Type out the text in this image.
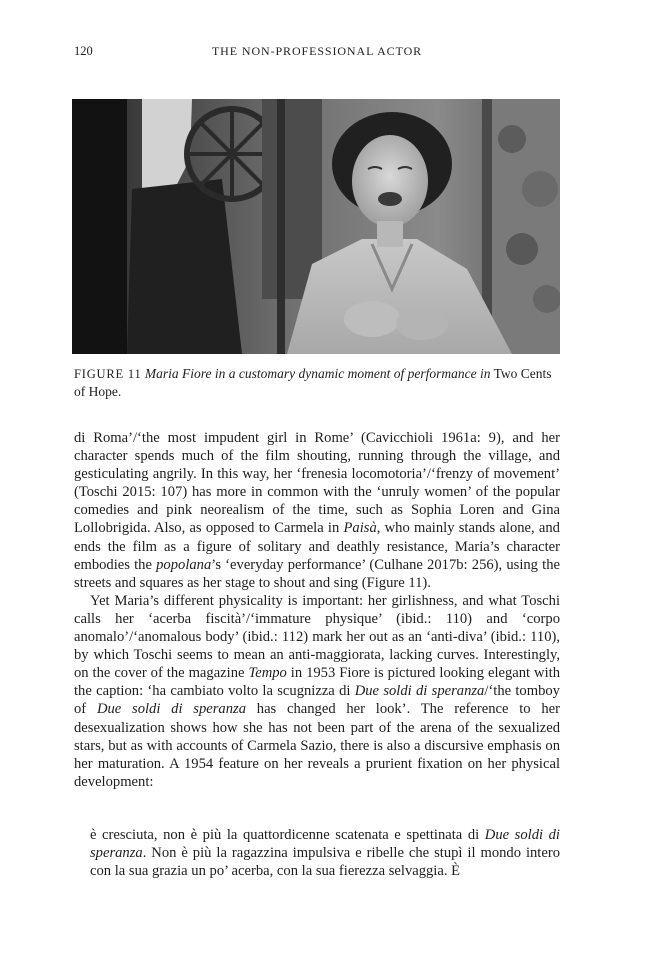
120	THE NON-PROFESSIONAL ACTOR
FIGURE 11 Maria Fiore in a customary dynamic moment of performance in Two Cents of Hope.

di Roma’/‘the most impudent girl in Rome’ (Cavicchioli 1961a: 9), and her character spends much of the film shouting, running through the village, and gesticulating angrily. In this way, her ‘frenesia locomotoria’/‘frenzy of movement’ (Toschi 2015: 107) has more in common with the ‘unruly women’ of the popular comedies and pink neorealism of the time, such as Sophia Loren and Gina Lollobrigida. Also, as opposed to Carmela in Paisà, who mainly stands alone, and ends the film as a figure of solitary and deathly resistance, Maria’s character embodies the popolana’s ‘everyday performance’ (Culhane 2017b: 256), using the streets and squares as her stage to shout and sing (Figure 11).

Yet Maria’s different physicality is important: her girlishness, and what Toschi calls her ‘acerba fiscità’/‘immature physique’ (ibid.: 110) and ‘corpo anomalo’/‘anomalous body’ (ibid.: 112) mark her out as an ‘anti-diva’ (ibid.: 110), by which Toschi seems to mean an anti-maggiorata, lacking curves. Interestingly, on the cover of the magazine Tempo in 1953 Fiore is pictured looking elegant with the caption: ‘ha cambiato volto la scugnizza di Due soldi di speranza/‘the tomboy of Due soldi di speranza has changed her look’. The reference to her desexualization shows how she has not been part of the arena of the sexualized stars, but as with accounts of Carmela Sazio, there is also a discursive emphasis on her maturation. A 1954 feature on her reveals a prurient fixation on her physical development:

è cresciuta, non è più la quattordicenne scatenata e spettinata di Due soldi di speranza. Non è più la ragazzina impulsiva e ribelle che stupì il mondo intero con la sua grazia un po’ acerba, con la sua fierezza selvaggia. È
